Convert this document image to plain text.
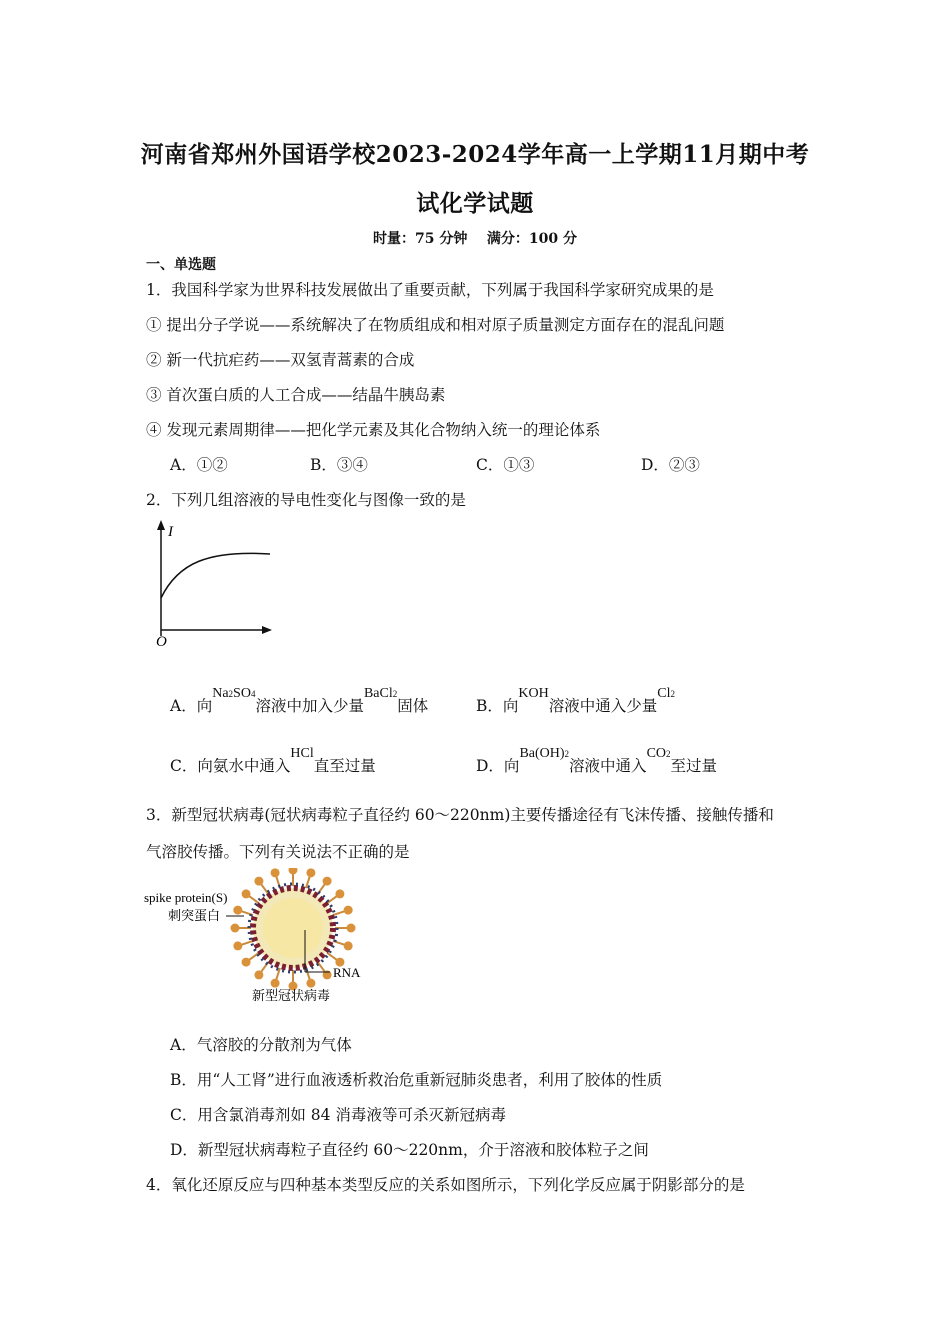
河南省郑州外国语学校2023-2024学年高一上学期11月期中考
试化学试题
时量：75 分钟    满分：100 分
一、单选题
1．我国科学家为世界科技发展做出了重要贡献，下列属于我国科学家研究成果的是
① 提出分子学说——系统解决了在物质组成和相对原子质量测定方面存在的混乱问题
② 新一代抗疟药——双氢青蒿素的合成
③ 首次蛋白质的人工合成——结晶牛胰岛素
④ 发现元素周期律——把化学元素及其化合物纳入统一的理论体系
A．①②	B．③④	C．①③	D．②③
2．下列几组溶液的导电性变化与图像一致的是
I
O
A．向Na2SO4溶液中加入少量BaCl2固体	B．向KOH溶液中通入少量Cl2
C．向氨水中通入HCl直至过量	D．向Ba(OH)2溶液中通入CO2至过量
3．新型冠状病毒(冠状病毒粒子直径约 60～220nm)主要传播途径有飞沫传播、接触传播和
气溶胶传播。下列有关说法不正确的是
spike protein(S)
刺突蛋白
RNA
新型冠状病毒
A．气溶胶的分散剂为气体
B．用“人工肾”进行血液透析救治危重新冠肺炎患者，利用了胶体的性质
C．用含氯消毒剂如 84 消毒液等可杀灭新冠病毒
D．新型冠状病毒粒子直径约 60～220nm，介于溶液和胶体粒子之间
4．氧化还原反应与四种基本类型反应的关系如图所示，下列化学反应属于阴影部分的是
